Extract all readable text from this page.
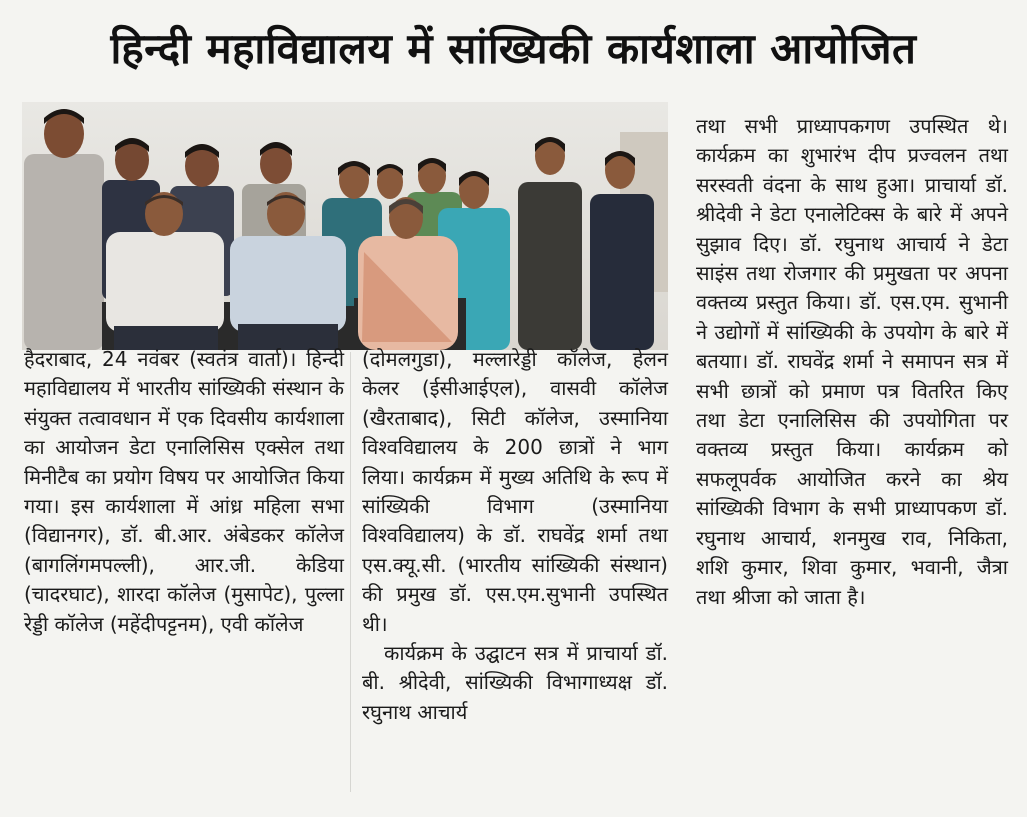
हिन्दी महाविद्यालय में सांख्यिकी कार्यशाला आयोजित

हैदराबाद, 24 नवंबर (स्वतंत्र वार्ता)। हिन्दी महाविद्यालय में भारतीय सांख्यिकी संस्थान के संयुक्त तत्वावधान में एक दिवसीय कार्यशाला का आयोजन डेटा एनालिसिस एक्सेल तथा मिनीटैब का प्रयोग विषय पर आयोजित किया गया। इस कार्यशाला में आंध्र महिला सभा (विद्यानगर), डॉ. बी.आर. अंबेडकर कॉलेज (बागलिंगमपल्ली), आर.जी. केडिया (चादरघाट), शारदा कॉलेज (मुसापेट), पुल्ला रेड्डी कॉलेज (महेंदीपट्टनम), एवी कॉलेज

(दोमलगुडा), मल्लारेड्डी कॉलेज, हेलन केलर (ईसीआईएल), वासवी कॉलेज (खैरताबाद), सिटी कॉलेज, उस्मानिया विश्वविद्यालय के 200 छात्रों ने भाग लिया। कार्यक्रम में मुख्य अतिथि के रूप में सांख्यिकी विभाग (उस्मानिया विश्वविद्यालय) के डॉ. राघवेंद्र शर्मा तथा एस.क्यू.सी. (भारतीय सांख्यिकी संस्थान) की प्रमुख डॉ. एस.एम.सुभानी उपस्थित थी।

कार्यक्रम के उद्घाटन सत्र में प्राचार्या डॉ. बी. श्रीदेवी, सांख्यिकी विभागाध्यक्ष डॉ. रघुनाथ आचार्य

तथा सभी प्राध्यापकगण उपस्थित थे। कार्यक्रम का शुभारंभ दीप प्रज्वलन तथा सरस्वती वंदना के साथ हुआ। प्राचार्या डॉ. श्रीदेवी ने डेटा एनालेटिक्स के बारे में अपने सुझाव दिए। डॉ. रघुनाथ आचार्य ने डेटा साइंस तथा रोजगार की प्रमुखता पर अपना वक्तव्य प्रस्तुत किया। डॉ. एस.एम. सुभानी ने उद्योगों में सांख्यिकी के उपयोग के बारे में बतयाा। डॉ. राघवेंद्र शर्मा ने समापन सत्र में सभी छात्रों को प्रमाण पत्र वितरित किए तथा डेटा एनालिसिस की उपयोगिता पर वक्तव्य प्रस्तुत किया। कार्यक्रम को सफलूपर्वक आयोजित करने का श्रेय सांख्यिकी विभाग के सभी प्राध्यापकण डॉ. रघुनाथ आचार्य, शनमुख राव, निकिता, शशि कुमार, शिवा कुमार, भवानी, जैत्रा तथा श्रीजा को जाता है।
